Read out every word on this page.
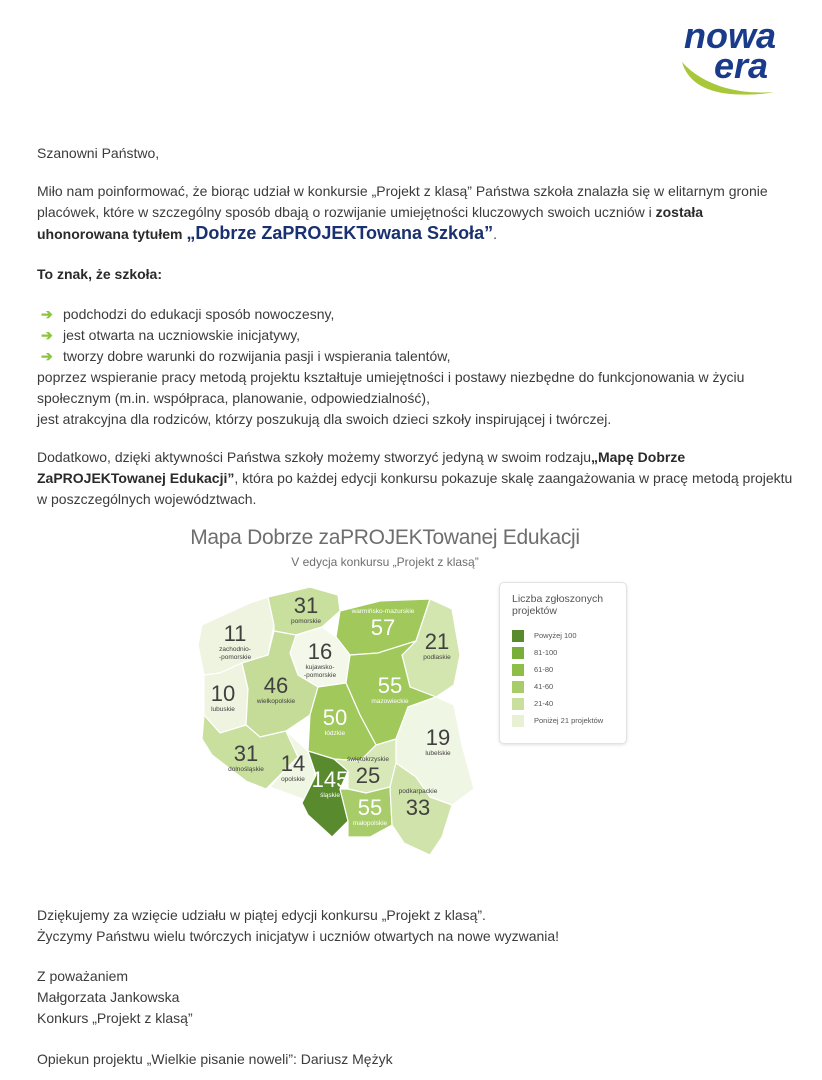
nowa
era
Szanowni Państwo,
Miło nam poinformować, że biorąc udział w konkursie „Projekt z klasą” Państwa szkoła znalazła się w elitarnym gronie placówek, które w szczególny sposób dbają o rozwijanie umiejętności kluczowych swoich uczniów i została uhonorowana tytułem „Dobrze ZaPROJEKTowana Szkoła”.
To znak, że szkoła:
➔ podchodzi do edukacji sposób nowoczesny,
➔ jest otwarta na uczniowskie inicjatywy,
➔ tworzy dobre warunki do rozwijania pasji i wspierania talentów,
poprzez wspieranie pracy metodą projektu kształtuje umiejętności i postawy niezbędne do funkcjonowania w życiu społecznym (m.in. współpraca, planowanie, odpowiedzialność),
jest atrakcyjna dla rodziców, którzy poszukują dla swoich dzieci szkoły inspirującej i twórczej.
Dodatkowo, dzięki aktywności Państwa szkoły możemy stworzyć jedyną w swoim rodzaju„Mapę Dobrze ZaPROJEKTowanej Edukacji”, która po każdej edycji konkursu pokazuje skalę zaangażowania w pracę metodą projektu w poszczególnych województwach.
Mapa Dobrze zaPROJEKTowanej Edukacji
V edycja konkursu „Projekt z klasą”
11
zachodnio-
-pomorskie
31
pomorskie 57
warmińsko-mazurskie
21
podlaskie
16
kujawsko-
-pomorskie
10
lubuskie
46
wielkopolskie
55
mazowieckie
50
łódzkie	19
lubelskie
31
dolnośląskie 14
opolskie 145
śląskie
25
świętokrzyskie
55
małopolskie
33
podkarpackie
Liczba zgłoszonych projektów
Powyżej 100
81-100
61-80
41-60
21-40
Poniżej 21 projektów
Dziękujemy za wzięcie udziału w piątej edycji konkursu „Projekt z klasą”.
Życzymy Państwu wielu twórczych inicjatyw i uczniów otwartych na nowe wyzwania!
Z poważaniem
Małgorzata Jankowska
Konkurs „Projekt z klasą”
Opiekun projektu „Wielkie pisanie noweli”: Dariusz Mężyk
